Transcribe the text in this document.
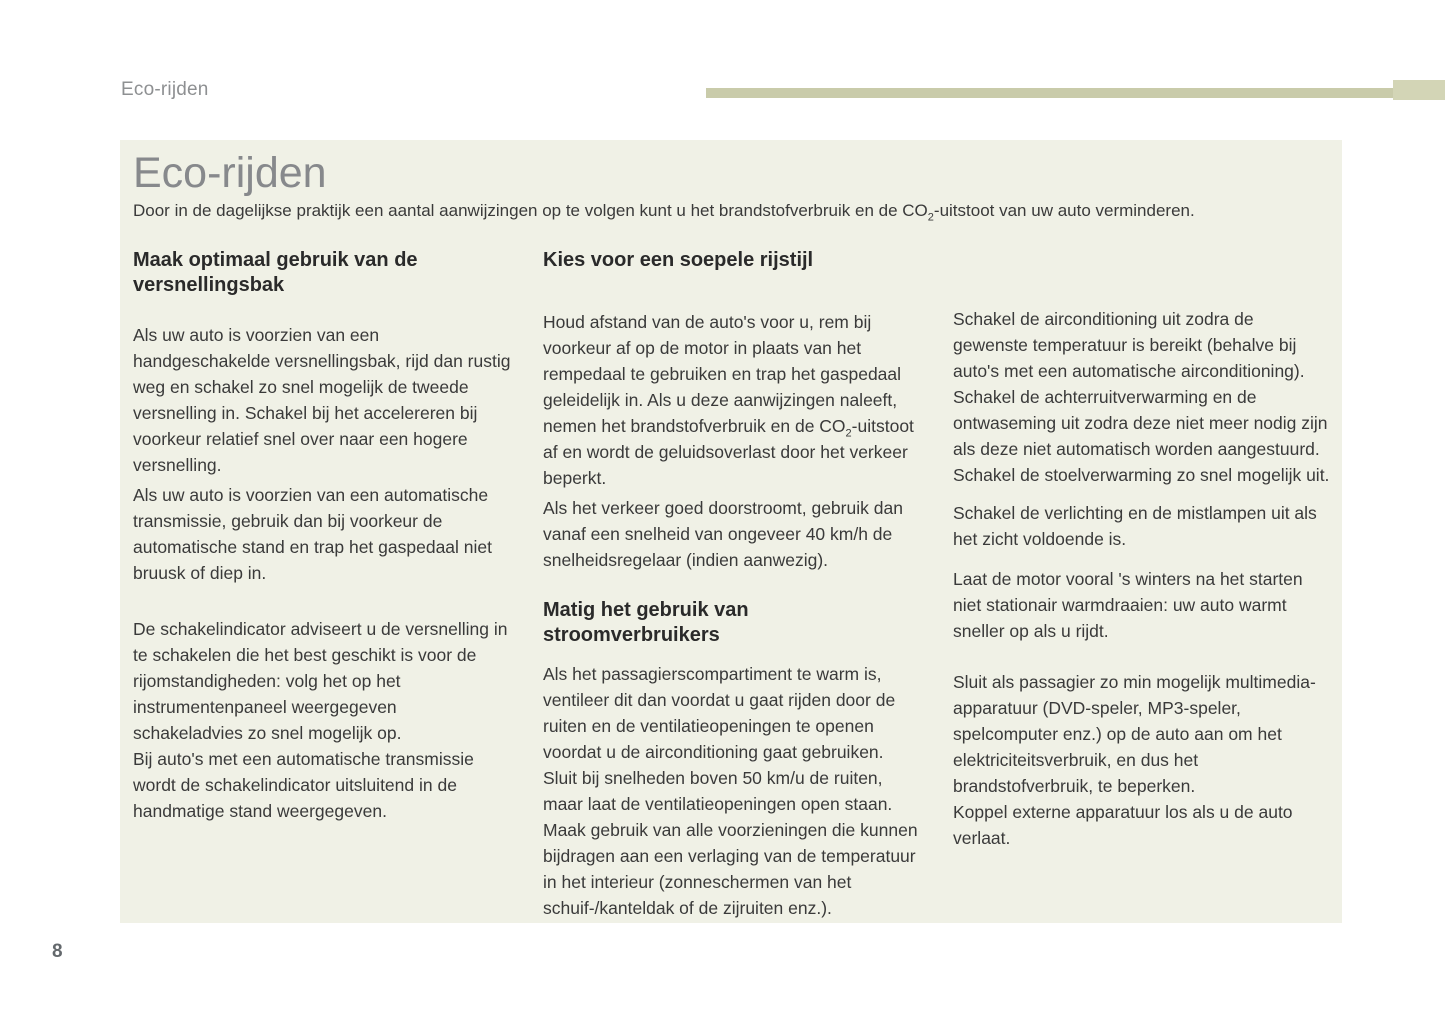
Eco-rijden
Eco-rijden

Door in de dagelijkse praktijk een aantal aanwijzingen op te volgen kunt u het brandstofverbruik en de $CO_2$-uitstoot van uw auto verminderen.

Maak optimaal gebruik van de versnellingsbak

Als uw auto is voorzien van een handgeschakelde versnellingsbak, rijd dan rustig weg en schakel zo snel mogelijk de tweede versnelling in. Schakel bij het accelereren bij voorkeur relatief snel over naar een hogere versnelling.

Als uw auto is voorzien van een automatische transmissie, gebruik dan bij voorkeur de automatische stand en trap het gaspedaal niet bruusk of diep in.

De schakelindicator adviseert u de versnelling in te schakelen die het best geschikt is voor de rijomstandigheden: volg het op het instrumentenpaneel weergegeven schakeladvies zo snel mogelijk op.
Bij auto's met een automatische transmissie wordt de schakelindicator uitsluitend in de handmatige stand weergegeven.

Kies voor een soepele rijstijl

Houd afstand van de auto's voor u, rem bij voorkeur af op de motor in plaats van het rempedaal te gebruiken en trap het gaspedaal geleidelijk in. Als u deze aanwijzingen naleeft, nemen het brandstofverbruik en de $CO_2$-uitstoot af en wordt de geluidsoverlast door het verkeer beperkt.

Als het verkeer goed doorstroomt, gebruik dan vanaf een snelheid van ongeveer 40 km/h de snelheidsregelaar (indien aanwezig).

Matig het gebruik van stroomverbruikers

Als het passagierscompartiment te warm is, ventileer dit dan voordat u gaat rijden door de ruiten en de ventilatieopeningen te openen voordat u de airconditioning gaat gebruiken. Sluit bij snelheden boven 50 km/u de ruiten, maar laat de ventilatieopeningen open staan. Maak gebruik van alle voorzieningen die kunnen bijdragen aan een verlaging van de temperatuur in het interieur (zonneschermen van het schuif-/kanteldak of de zijruiten enz.).

Schakel de airconditioning uit zodra de gewenste temperatuur is bereikt (behalve bij auto's met een automatische airconditioning).
Schakel de achterruitverwarming en de ontwaseming uit zodra deze niet meer nodig zijn als deze niet automatisch worden aangestuurd.
Schakel de stoelverwarming zo snel mogelijk uit.

Schakel de verlichting en de mistlampen uit als het zicht voldoende is.

Laat de motor vooral 's winters na het starten niet stationair warmdraaien: uw auto warmt sneller op als u rijdt.

Sluit als passagier zo min mogelijk multimedia-apparatuur (DVD-speler, MP3-speler, spelcomputer enz.) op de auto aan om het elektriciteitsverbruik, en dus het brandstofverbruik, te beperken.
Koppel externe apparatuur los als u de auto verlaat.

8
